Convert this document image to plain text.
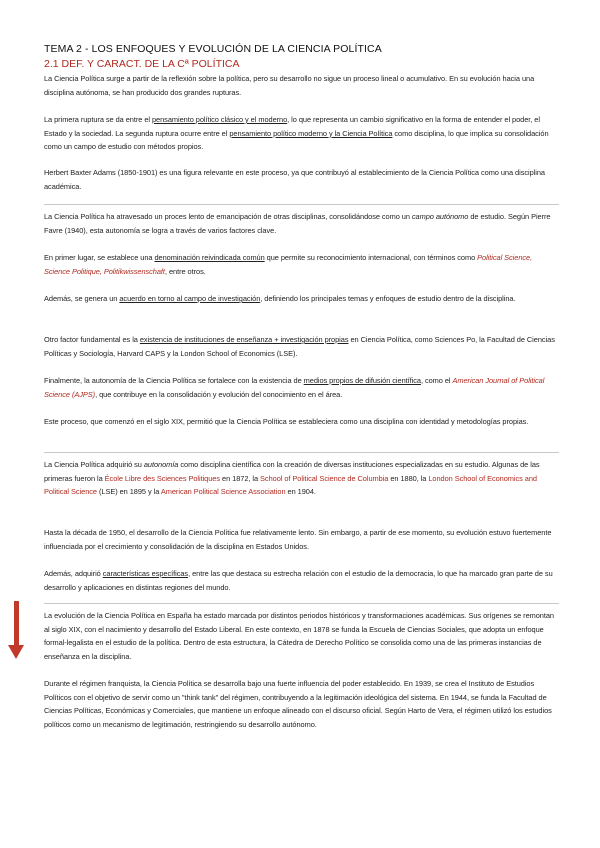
TEMA 2 - LOS ENFOQUES Y EVOLUCIÓN DE LA CIENCIA POLÍTICA
2.1 DEF. Y CARACT. DE LA Cª POLÍTICA

La Ciencia Política surge a partir de la reflexión sobre la política, pero su desarrollo no sigue un proceso lineal o acumulativo. En su evolución hacia una disciplina autónoma, se han producido dos grandes rupturas.

La primera ruptura se da entre el pensamiento político clásico y el moderno, lo que representa un cambio significativo en la forma de entender el poder, el Estado y la sociedad. La segunda ruptura ocurre entre el pensamiento político moderno y la Ciencia Política como disciplina, lo que implica su consolidación como un campo de estudio con métodos propios.

Herbert Baxter Adams (1850-1901) es una figura relevante en este proceso, ya que contribuyó al establecimiento de la Ciencia Política como una disciplina académica.

La Ciencia Política ha atravesado un proces lento de emancipación de otras disciplinas, consolidándose como un campo autónomo de estudio. Según Pierre Favre (1940), esta autonomía se logra a través de varios factores clave.

En primer lugar, se establece una denominación reivindicada común que permite su reconocimiento internacional, con términos como Political Science, Science Politique, Politikwissenschaft, entre otros.

Además, se genera un acuerdo en torno al campo de investigación, definiendo los principales temas y enfoques de estudio dentro de la disciplina.

Otro factor fundamental es la existencia de instituciones de enseñanza + investigación propias en Ciencia Política, como Sciences Po, la Facultad de Ciencias Políticas y Sociología, Harvard CAPS y la London School of Economics (LSE).

Finalmente, la autonomía de la Ciencia Política se fortalece con la existencia de medios propios de difusión científica, como el American Journal of Political Science (AJPS), que contribuye en la consolidación y evolución del conocimiento en el área.

Este proceso, que comenzó en el siglo XIX, permitió que la Ciencia Política se estableciera como una disciplina con identidad y metodologías propias.

La Ciencia Política adquirió su autonomía como disciplina científica con la creación de diversas instituciones especializadas en su estudio. Algunas de las primeras fueron la École Libre des Sciences Politiques en 1872, la School of Political Science de Columbia en 1880, la London School of Economics and Political Science (LSE) en 1895 y la American Political Science Association en 1904.

Hasta la década de 1950, el desarrollo de la Ciencia Política fue relativamente lento. Sin embargo, a partir de ese momento, su evolución estuvo fuertemente influenciada por el crecimiento y consolidación de la disciplina en Estados Unidos.

Además, adquirió características específicas, entre las que destaca su estrecha relación con el estudio de la democracia, lo que ha marcado gran parte de su desarrollo y aplicaciones en distintas regiones del mundo.

La evolución de la Ciencia Política en España ha estado marcada por distintos periodos históricos y transformaciones académicas. Sus orígenes se remontan al siglo XIX, con el nacimiento y desarrollo del Estado Liberal. En este contexto, en 1878 se funda la Escuela de Ciencias Sociales, que adopta un enfoque formal-legalista en el estudio de la política. Dentro de esta estructura, la Cátedra de Derecho Político se consolida como una de las primeras instancias de enseñanza en la disciplina.

Durante el régimen franquista, la Ciencia Política se desarrolla bajo una fuerte influencia del poder establecido. En 1939, se crea el Instituto de Estudios Políticos con el objetivo de servir como un "think tank" del régimen, contribuyendo a la legitimación ideológica del sistema. En 1944, se funda la Facultad de Ciencias Políticas, Económicas y Comerciales, que mantiene un enfoque alineado con el discurso oficial. Según Harto de Vera, el régimen utilizó los estudios políticos como un mecanismo de legitimación, restringiendo su desarrollo autónomo.
